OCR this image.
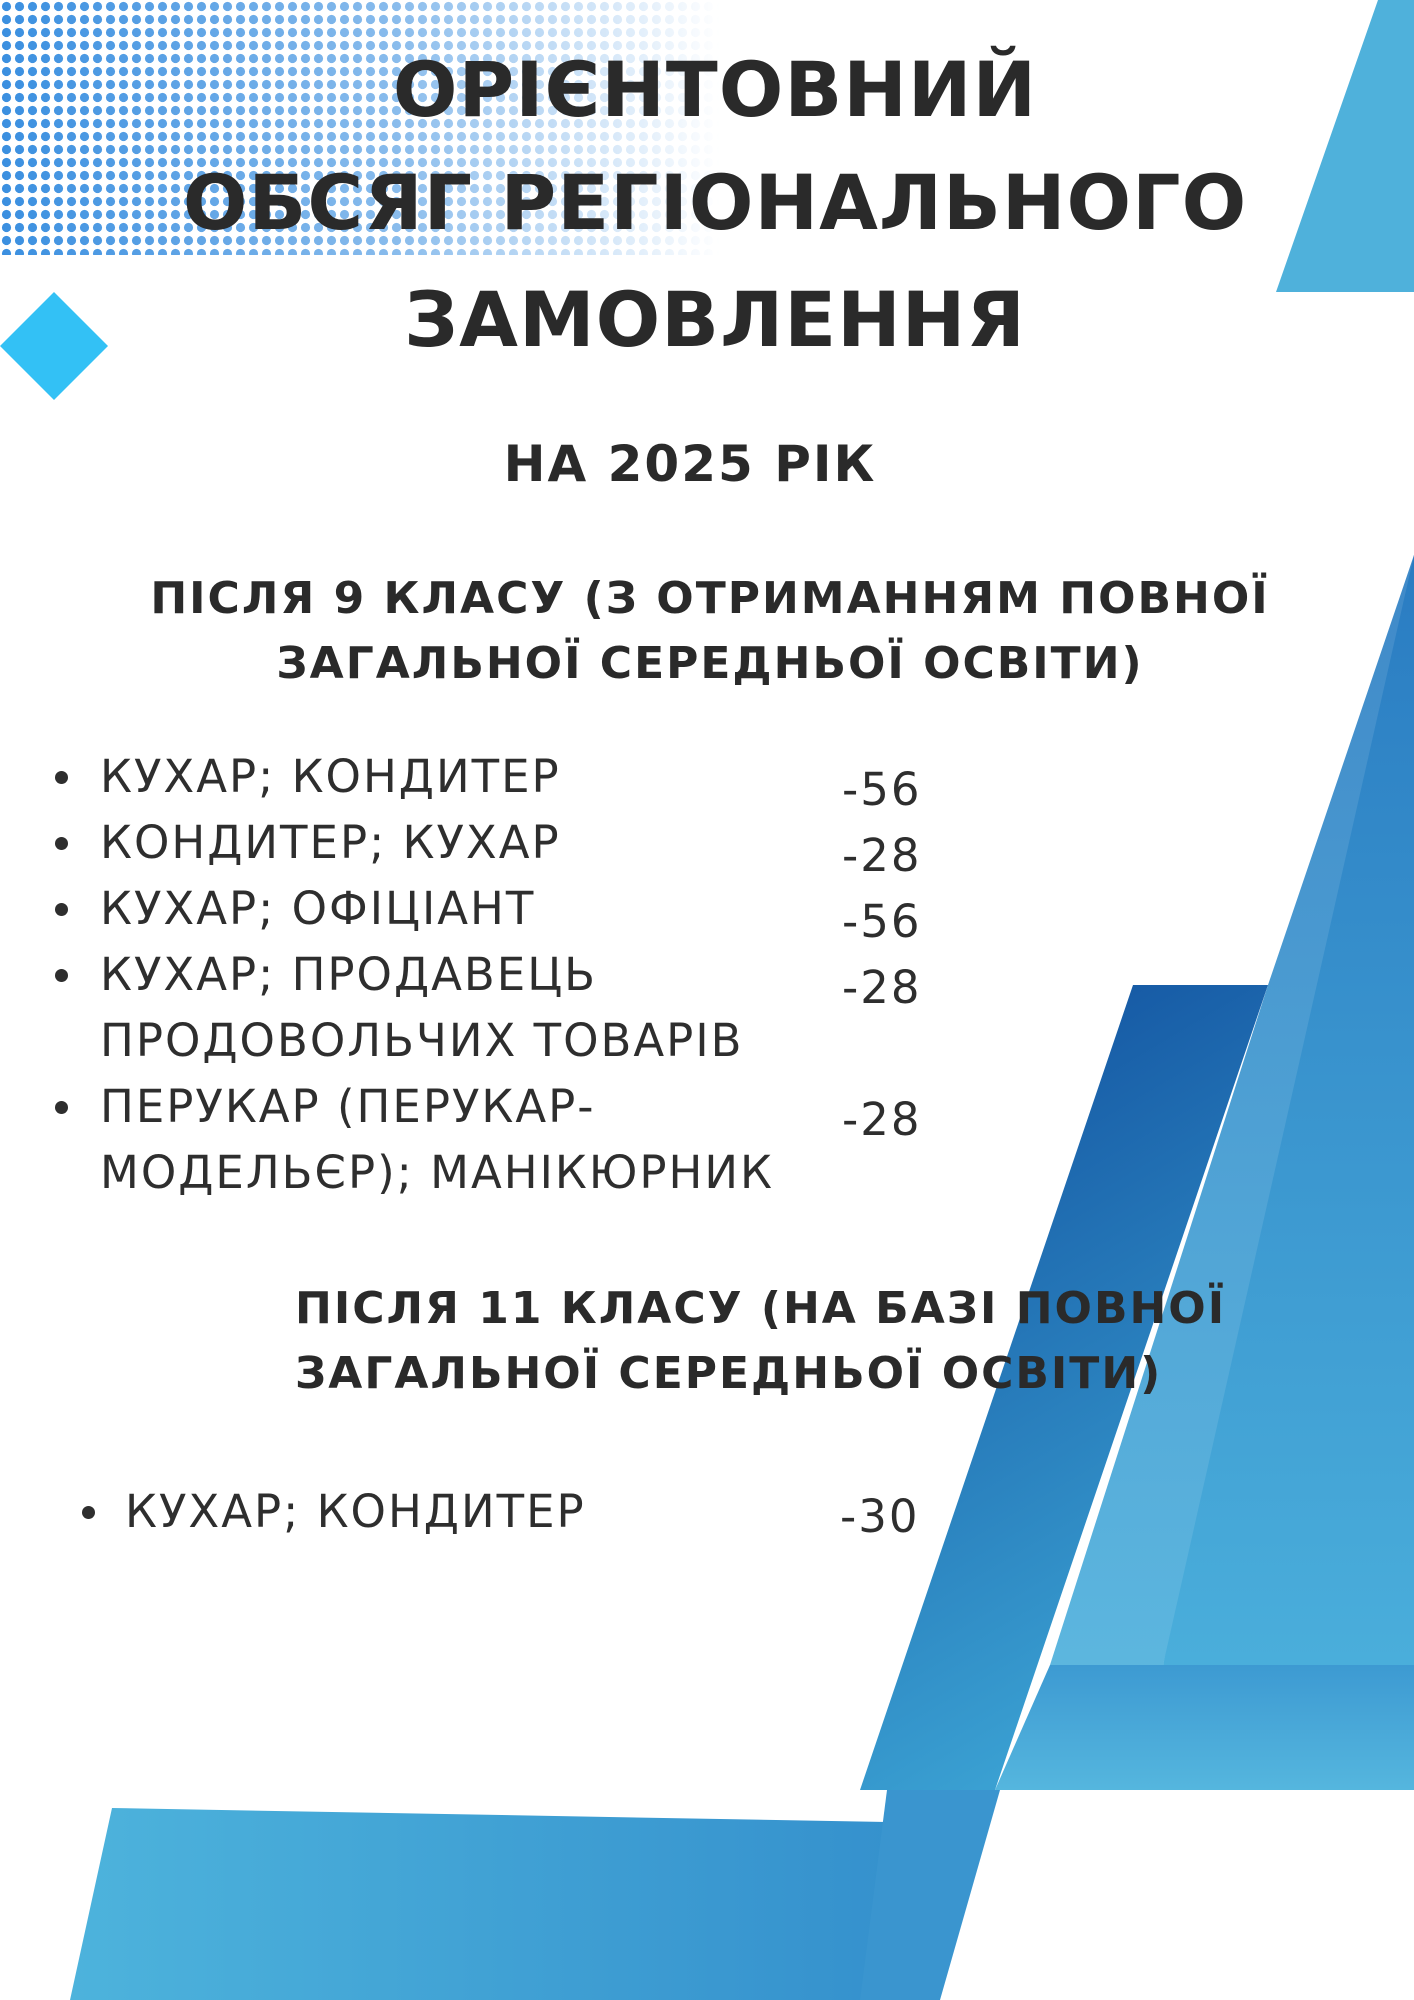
ОРІЄНТОВНИЙ
ОБСЯГ РЕГІОНАЛЬНОГО
ЗАМОВЛЕННЯ
НА 2025 РІК
ПІСЛЯ 9 КЛАСУ (З ОТРИМАННЯМ ПОВНОЇ
ЗАГАЛЬНОЇ СЕРЕДНЬОЇ ОСВІТИ)
КУХАР; КОНДИТЕР	-56
КОНДИТЕР; КУХАР	-28
КУХАР; ОФІЦІАНТ	-56
КУХАР; ПРОДАВЕЦЬ
ПРОДОВОЛЬЧИХ ТОВАРІВ
-28
ПЕРУКАР (ПЕРУКАР-
МОДЕЛЬЄР); МАНІКЮРНИК
-28
ПІСЛЯ 11 КЛАСУ (НА БАЗІ ПОВНОЇ
ЗАГАЛЬНОЇ СЕРЕДНЬОЇ ОСВІТИ)
КУХАР; КОНДИТЕР	-30
